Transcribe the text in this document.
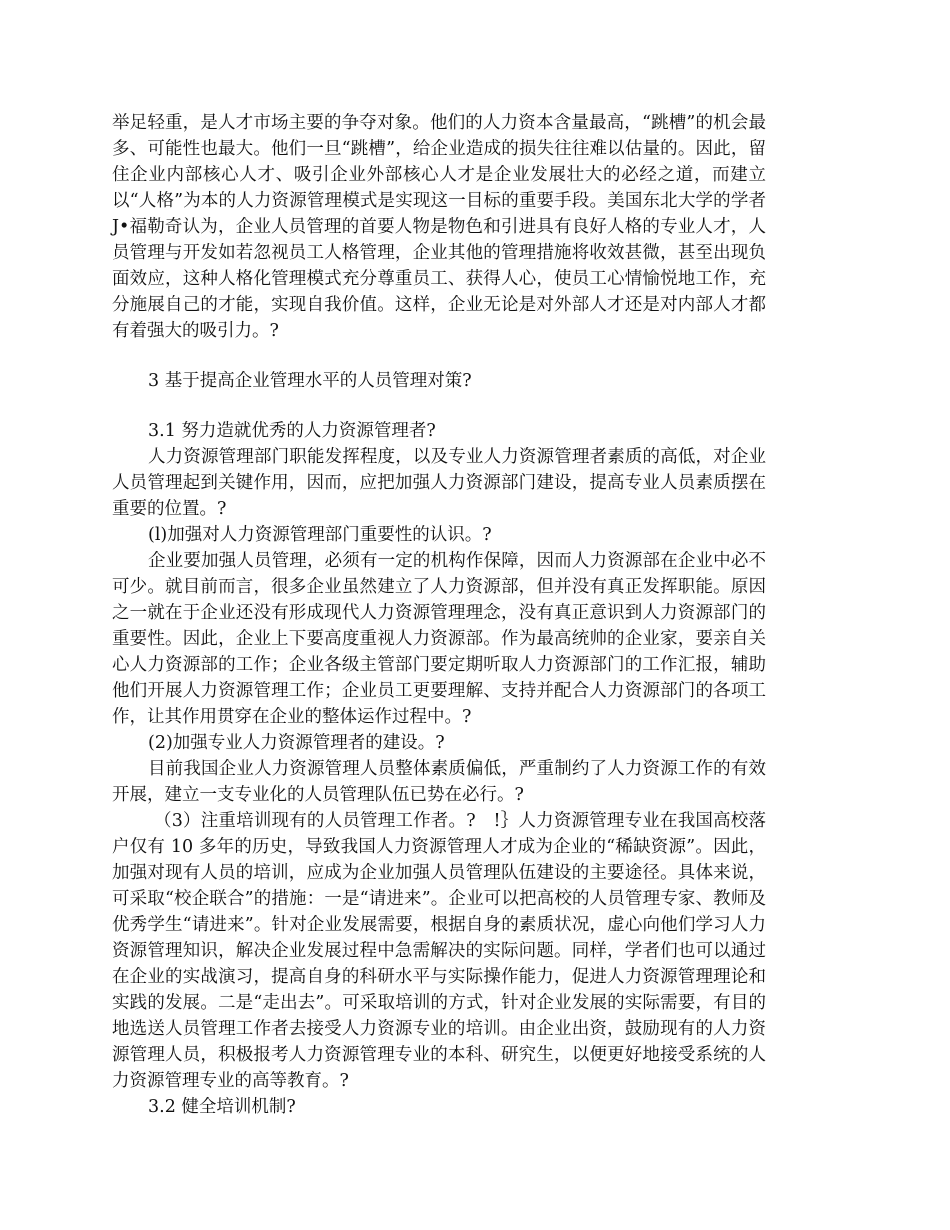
举足轻重，是人才市场主要的争夺对象。他们的人力资本含量最高，“跳槽”的机会最多、可能性也最大。他们一旦“跳槽”，给企业造成的损失往往难以估量的。因此，留住企业内部核心人才、吸引企业外部核心人才是企业发展壮大的必经之道，而建立以“人格”为本的人力资源管理模式是实现这一目标的重要手段。美国东北大学的学者 J•福勒奇认为，企业人员管理的首要人物是物色和引进具有良好人格的专业人才，人员管理与开发如若忽视员工人格管理，企业其他的管理措施将收效甚微，甚至出现负面效应，这种人格化管理模式充分尊重员工、获得人心，使员工心情愉悦地工作，充分施展自己的才能，实现自我价值。这样，企业无论是对外部人才还是对内部人才都有着强大的吸引力。?

3 基于提高企业管理水平的人员管理对策?

3.1 努力造就优秀的人力资源管理者?

人力资源管理部门职能发挥程度，以及专业人力资源管理者素质的高低，对企业人员管理起到关键作用，因而，应把加强人力资源部门建设，提高专业人员素质摆在重要的位置。?

(l)加强对人力资源管理部门重要性的认识。?

企业要加强人员管理，必须有一定的机构作保障，因而人力资源部在企业中必不可少。就目前而言，很多企业虽然建立了人力资源部，但并没有真正发挥职能。原因之一就在于企业还没有形成现代人力资源管理理念，没有真正意识到人力资源部门的重要性。因此，企业上下要高度重视人力资源部。作为最高统帅的企业家，要亲自关心人力资源部的工作；企业各级主管部门要定期听取人力资源部门的工作汇报，辅助他们开展人力资源管理工作；企业员工更要理解、支持并配合人力资源部门的各项工作，让其作用贯穿在企业的整体运作过程中。?

(2)加强专业人力资源管理者的建设。?

目前我国企业人力资源管理人员整体素质偏低，严重制约了人力资源工作的有效开展，建立一支专业化的人员管理队伍已势在必行。?

（3）注重培训现有的人员管理工作者。?　!｝人力资源管理专业在我国高校落户仅有 10 多年的历史，导致我国人力资源管理人才成为企业的“稀缺资源”。因此，加强对现有人员的培训，应成为企业加强人员管理队伍建设的主要途径。具体来说，可采取“校企联合”的措施：一是“请进来”。企业可以把高校的人员管理专家、教师及优秀学生“请进来”。针对企业发展需要，根据自身的素质状况，虚心向他们学习人力资源管理知识，解决企业发展过程中急需解决的实际问题。同样，学者们也可以通过在企业的实战演习，提高自身的科研水平与实际操作能力，促进人力资源管理理论和实践的发展。二是“走出去”。可采取培训的方式，针对企业发展的实际需要，有目的地选送人员管理工作者去接受人力资源专业的培训。由企业出资，鼓励现有的人力资源管理人员，积极报考人力资源管理专业的本科、研究生，以便更好地接受系统的人力资源管理专业的高等教育。?

3.2 健全培训机制?
